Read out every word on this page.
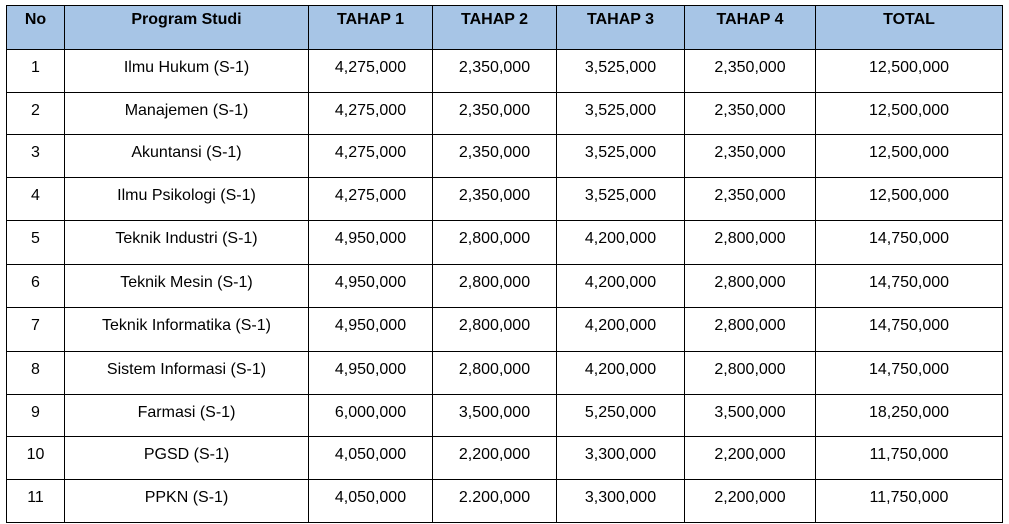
No	Program Studi	TAHAP 1	TAHAP 2	TAHAP 3	TAHAP 4	TOTAL
1	Ilmu Hukum (S-1)	4,275,000	2,350,000	3,525,000	2,350,000	12,500,000
2	Manajemen (S-1)	4,275,000	2,350,000	3,525,000	2,350,000	12,500,000
3	Akuntansi (S-1)	4,275,000	2,350,000	3,525,000	2,350,000	12,500,000
4	Ilmu Psikologi (S-1)	4,275,000	2,350,000	3,525,000	2,350,000	12,500,000
5	Teknik Industri (S-1)	4,950,000	2,800,000	4,200,000	2,800,000	14,750,000
6	Teknik Mesin (S-1)	4,950,000	2,800,000	4,200,000	2,800,000	14,750,000
7	Teknik Informatika (S-1)	4,950,000	2,800,000	4,200,000	2,800,000	14,750,000
8	Sistem Informasi (S-1)	4,950,000	2,800,000	4,200,000	2,800,000	14,750,000
9	Farmasi (S-1)	6,000,000	3,500,000	5,250,000	3,500,000	18,250,000
10	PGSD (S-1)	4,050,000	2,200,000	3,300,000	2,200,000	11,750,000
11	PPKN (S-1)	4,050,000	2.200,000	3,300,000	2,200,000	11,750,000
